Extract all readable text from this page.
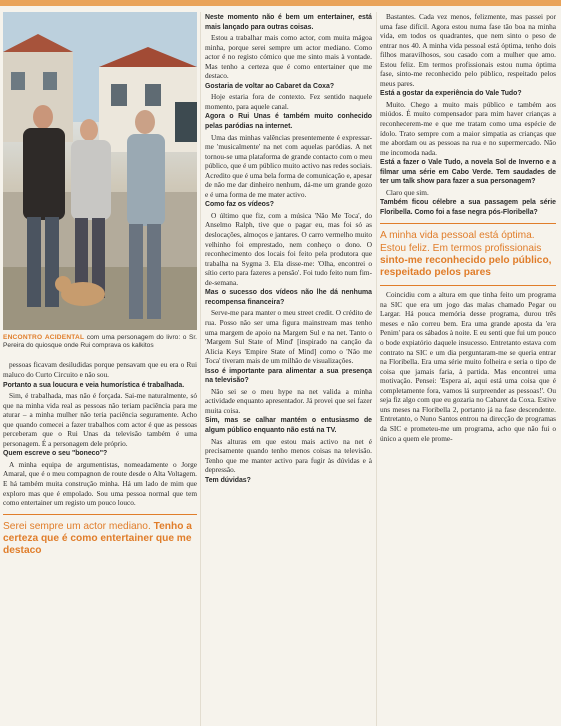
ENCONTRO ACIDENTAL com uma personagem do livro: o Sr. Pereira do quiosque onde Rui comprava os kalkitos

pessoas ficavam desiludidas porque pensavam que eu era o Rui maluco do Curto Circuito e não sou.

Portanto a sua loucura e veia humorística é trabalhada.

Sim, é trabalhada, mas não é forçada. Sai-me naturalmente, só que na minha vida real as pessoas não teriam paciência para me aturar – a minha mulher não teria paciência seguramente. Acho que quando comecei a fazer trabalhos com actor é que as pessoas perceberam que o Rui Unas da televisão também é uma personagem. É a personagem dele próprio.

Quem escreve o seu "boneco"?

A minha equipa de argumentistas, nomeadamente o Jorge Amaral, que é o meu compagnon de route desde o Alta Voltagem. E há também muita construção minha. Há um lado de mim que exploro mas que é empolado. Sou uma pessoa normal que tem como entertainer um registo um pouco louco.

Serei sempre um actor mediano. Tenho a certeza que é como entertainer que me destaco

Neste momento não é bem um entertainer, está mais lançado para outras coisas.

Estou a trabalhar mais como actor, com muita mágoa minha, porque serei sempre um actor mediano. Como actor é no registo cómico que me sinto mais à vontade. Mas tenho a certeza que é como entertainer que me destaco.

Gostaria de voltar ao Cabaret da Coxa?

Hoje estaria fora de contexto. Fez sentido naquele momento, para aquele canal.

Agora o Rui Unas é também muito conhecido pelas paródias na internet.

Uma das minhas valências presentemente é expressar-me 'musicalmente' na net com aquelas paródias. A net tornou-se uma plataforma de grande contacto com o meu público, que é um público muito activo nas redes sociais. Acredito que é uma bela forma de comunicação e, apesar de não me dar dinheiro nenhum, dá-me um grande gozo e é uma forma de me mater activo.

Como faz os vídeos?

O último que fiz, com a música 'Não Me Toca', do Anselmo Ralph, tive que o pagar eu, mas foi só as deslocações, almoços e jantares. O carro vermelho muito velhinho foi emprestado, nem conheço o dono. O reconhecimento dos locais foi feito pela produtora que trabalha na Sygma 3. Ela disse-me: 'Olha, encontrei o sítio certo para fazeres a pensão'. Foi tudo feito num fim-de-semana.

Mas o sucesso dos vídeos não lhe dá nenhuma recompensa financeira?

Serve-me para manter o meu street credit. O crédito de rua. Posso não ser uma figura mainstream mas tenho uma margem de apoio na Margem Sul e na net. Tanto o 'Margem Sul State of Mind' [inspirado na canção da Alicia Keys 'Empire State of Mind] como o 'Não me Toca' tiveram mais de um milhão de visualizações.

Isso é importante para alimentar a sua presença na televisão?

Não sei se o meu hype na net valida a minha actividade enquanto apresentador. Já provei que sei fazer muita coisa.

Sim, mas se calhar mantém o entusiasmo de algum público enquanto não está na TV.

Nas alturas em que estou mais activo na net é precisamente quando tenho menos coisas na televisão. Tenho que me manter activo para fugir às dúvidas e à depressão.

Tem dúvidas?

Bastantes. Cada vez menos, felizmente, mas passei por uma fase difícil. Agora estou numa fase tão boa na minha vida, em todos os quadrantes, que nem sinto o peso de entrar nos 40. A minha vida pessoal está óptima, tenho dois filhos maravilhosos, sou casado com a mulher que amo. Estou feliz. Em termos profissionais estou numa óptima fase, sinto-me reconhecido pelo público, respeitado pelos meus pares.

Está a gostar da experiência do Vale Tudo?

Muito. Chego a muito mais público e também aos miúdos. É muito compensador para mim haver crianças a reconhecerem-me e que me tratam como uma espécie de ídolo. Trato sempre com a maior simpatia as crianças que me abordam ou as pessoas na rua e no supermercado. Não me incomoda nada.

Está a fazer o Vale Tudo, a novela Sol de Inverno e a filmar uma série em Cabo Verde. Tem saudades de ter um talk show para fazer a sua personagem?

Claro que sim.

Também ficou célebre a sua passagem pela série Floribella. Como foi a fase negra pós-Floribella?

A minha vida pessoal está óptima. Estou feliz. Em termos profissionais sinto-me reconhecido pelo público, respeitado pelos pares

Coincidiu com a altura em que tinha feito um programa na SIC que era um jogo das malas chamado Pegar ou Largar. Há pouca memória desse programa, durou três meses e não correu bem. Era uma grande aposta da 'era Penim' para os sábados à noite. E eu senti que fui um pouco o bode expiatório daquele insucesso. Entretanto estava com contrato na SIC e um dia perguntaram-me se queria entrar na Floribella. Era uma série muito folheira e seria o tipo de coisa que jamais faria, à partida. Mas encontrei uma motivação. Pensei: 'Espera aí, aqui está uma coisa que é completamente fora, vamos lá surpreender as pessoas!'. Ou seja fiz algo com que eu gozaria no Cabaret da Coxa. Estive uns meses na Floribella 2, portanto já na fase descendente. Entretanto, o Nuno Santos entrou na direcção de programas da SIC e prometeu-me um programa, acho que não fui o único a quem ele prome-
